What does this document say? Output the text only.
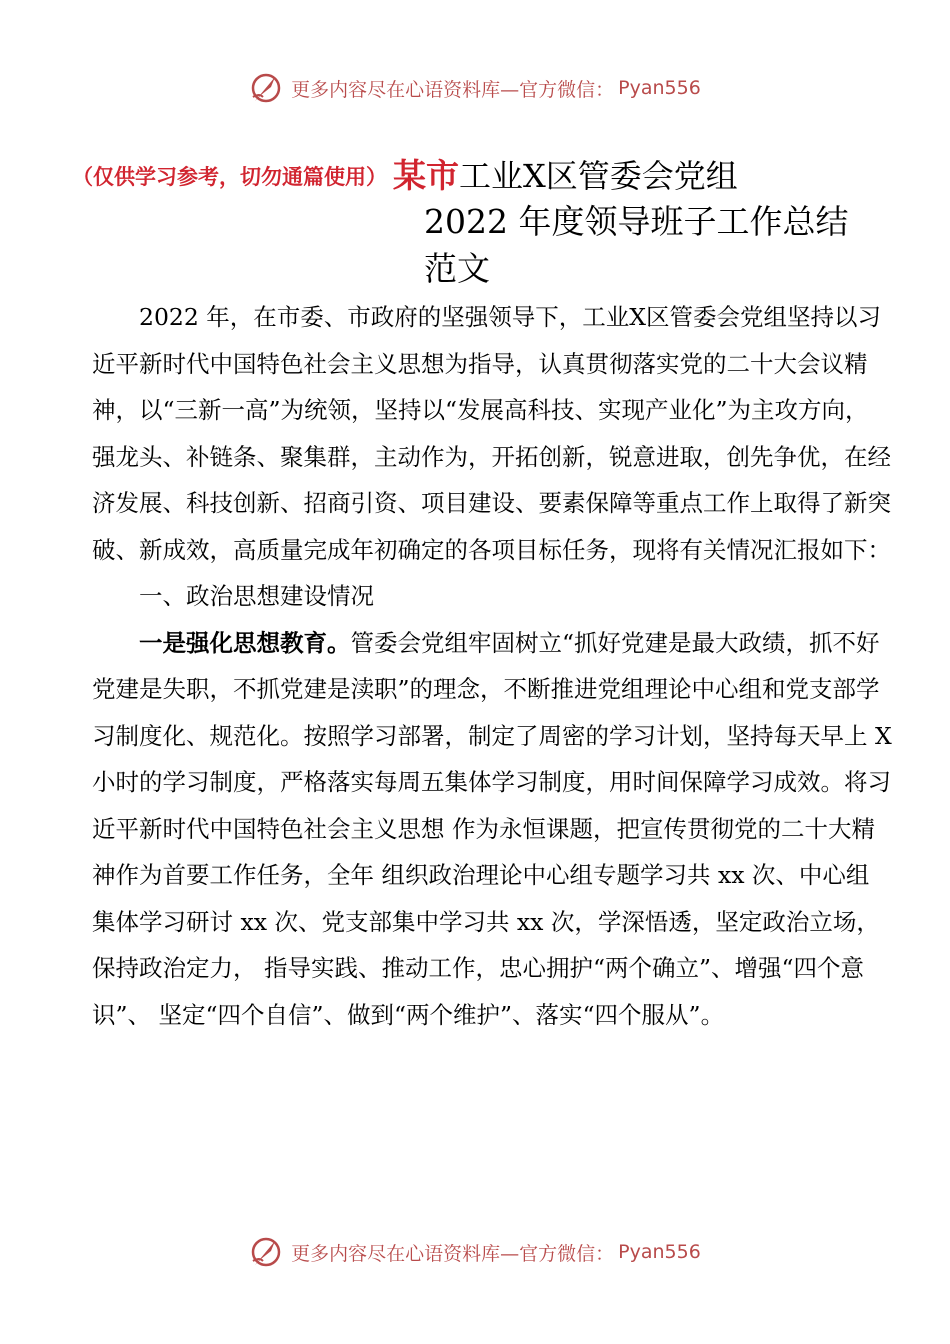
更多内容尽在心语资料库—官方微信： Pyan556
（仅供学习参考，切勿通篇使用） 某市工业Ⅹ区管委会党组
2022 年度领导班子工作总结
范文

2022 年，在市委、市政府的坚强领导下，工业Ⅹ区管委会党组坚持以习近平新时代中国特色社会主义思想为指导，认真贯彻落实党的二十大会议精神，以“三新一高”为统领，坚持以“发展高科技、实现产业化”为主攻方向，强龙头、补链条、聚集群，主动作为，开拓创新，锐意进取，创先争优，在经济发展、科技创新、招商引资、项目建设、要素保障等重点工作上取得了新突破、新成效，高质量完成年初确定的各项目标任务，现将有关情况汇报如下：

一、政治思想建设情况

一是强化思想教育。管委会党组牢固树立“抓好党建是最大政绩，抓不好党建是失职，不抓党建是渎职”的理念，不断推进党组理论中心组和党支部学习制度化、规范化。按照学习部署，制定了周密的学习计划，坚持每天早上 X 小时的学习制度，严格落实每周五集体学习制度，用时间保障学习成效。将习近平新时代中国特色社会主义思想 作为永恒课题，把宣传贯彻党的二十大精神作为首要工作任务，全年 组织政治理论中心组专题学习共 xx 次、中心组集体学习研讨 xx 次、党支部集中学习共 xx 次，学深悟透，坚定政治立场，保持政治定力， 指导实践、推动工作，忠心拥护“两个确立”、增强“四个意识”、 坚定“四个自信”、做到“两个维护”、落实“四个服从”。

更多内容尽在心语资料库—官方微信： Pyan556
